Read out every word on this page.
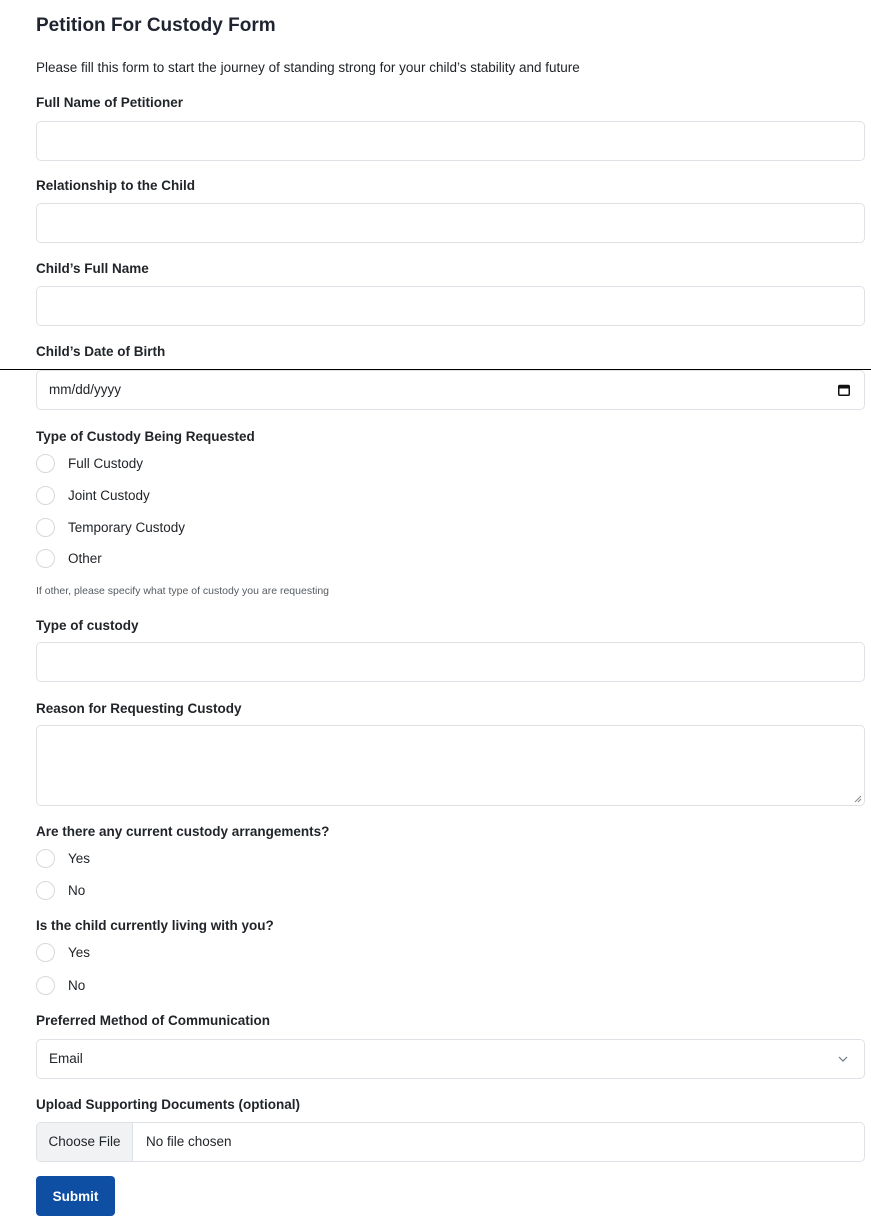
Petition For Custody Form
Please fill this form to start the journey of standing strong for your child’s stability and future
Full Name of Petitioner
Relationship to the Child
Child’s Full Name
Child’s Date of Birth
mm/dd/yyyy
Type of Custody Being Requested
Full Custody
Joint Custody
Temporary Custody
Other
If other, please specify what type of custody you are requesting
Type of custody
Reason for Requesting Custody
Are there any current custody arrangements?
Yes
No
Is the child currently living with you?
Yes
No
Preferred Method of Communication
Email
Upload Supporting Documents (optional)
Choose File	No file chosen
Submit
